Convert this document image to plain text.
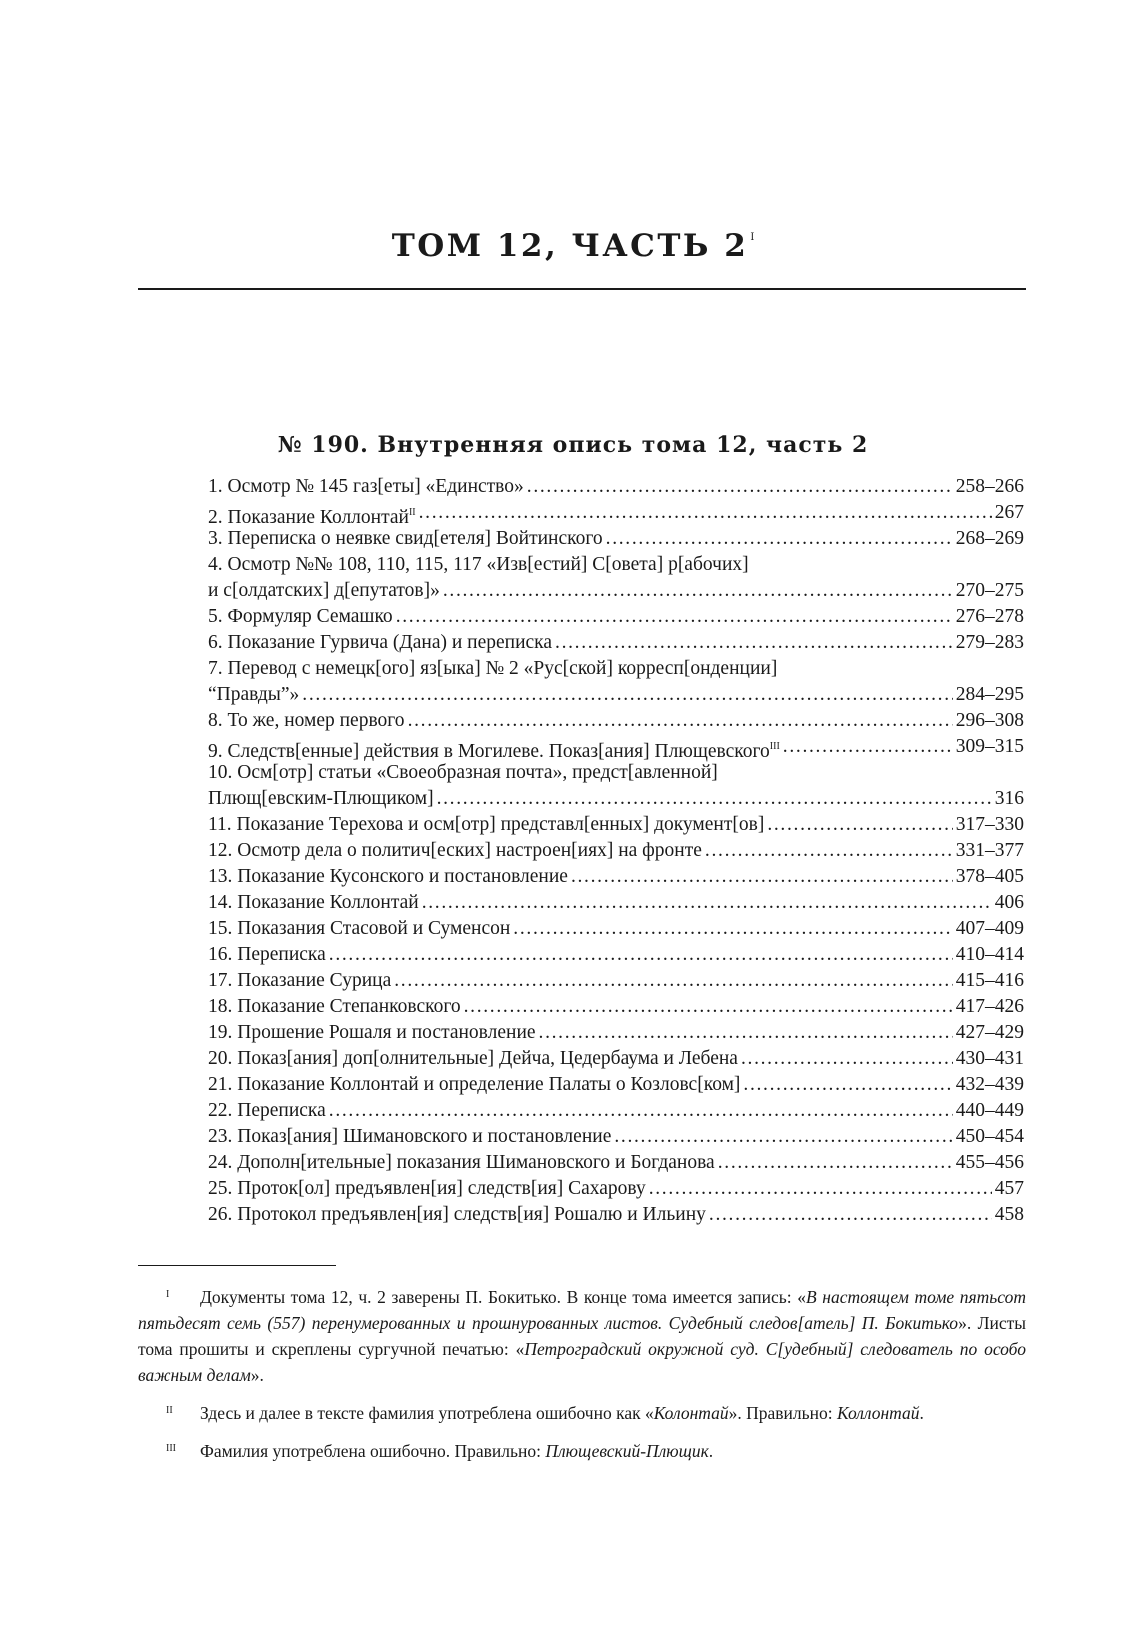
ТОМ 12, ЧАСТЬ 2 $^I$
№ 190. Внутренняя опись тома 12, часть 2
1. Осмотр № 145 газ[еты] «Единство» . . .	258–266
2. Показание Коллонтай$^{II}$ . . .	267
3. Переписка о неявке свид[етеля] Войтинского . . .	268–269
4. Осмотр №№ 108, 110, 115, 117 «Изв[естий] С[овета] р[абочих]
и с[олдатских] д[епутатов]» . . .	270–275
5. Формуляр Семашко . . .	276–278
6. Показание Гурвича (Дана) и переписка . . .	279–283
7. Перевод с немецк[ого] яз[ыка] № 2 «Рус[ской] корресп[онденции]
“Правды”» . . .	284–295
8. То же, номер первого . . .	296–308
9. Следств[енные] действия в Могилеве. Показ[ания] Плющевского$^{III}$ . . .	309–315
10. Осм[отр] статьи «Своеобразная почта», предст[авленной]
Плющ[евским-Плющиком] . . .	316
11. Показание Терехова и осм[отр] представл[енных] документ[ов] . . .	317–330
12. Осмотр дела о политич[еских] настроен[иях] на фронте . . .	331–377
13. Показание Кусонского и постановление . . .	378–405
14. Показание Коллонтай . . .	406
15. Показания Стасовой и Суменсон . . .	407–409
16. Переписка . . .	410–414
17. Показание Сурица . . .	415–416
18. Показание Степанковского . . .	417–426
19. Прошение Рошаля и постановление . . .	427–429
20. Показ[ания] доп[олнительные] Дейча, Цедербаума и Лебена . . .	430–431
21. Показание Коллонтай и определение Палаты о Козловс[ком] . . .	432–439
22. Переписка . . .	440–449
23. Показ[ания] Шимановского и постановление . . .	450–454
24. Дополн[ительные] показания Шимановского и Богданова . . .	455–456
25. Проток[ол] предъявлен[ия] следств[ия] Сахарову . . .	457
26. Протокол предъявлен[ия] следств[ия] Рошалю и Ильину . . .	458
I Документы тома 12, ч. 2 заверены П. Бокитько. В конце тома имеется запись: «В настоящем томе пятьсот пятьдесят семь (557) перенумерованных и прошнурованных листов. Судебный следов[атель] П. Бокитько». Листы тома прошиты и скреплены сургучной печатью: «Петроградский окружной суд. С[удебный] следователь по особо важным делам».
II Здесь и далее в тексте фамилия употреблена ошибочно как «Колонтай». Правильно: Коллонтай.
III Фамилия употреблена ошибочно. Правильно: Плющевский-Плющик.
